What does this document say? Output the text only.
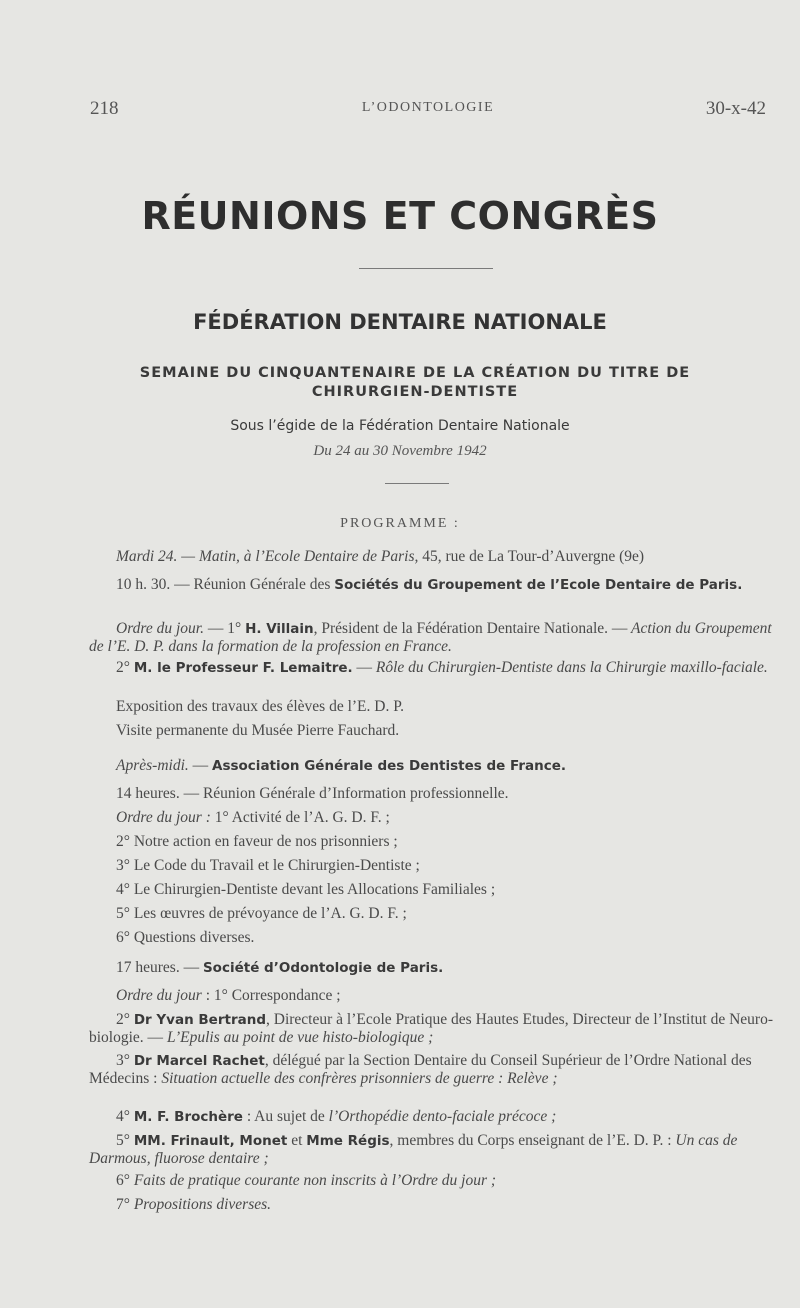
218	L’ODONTOLOGIE	30-x-42
RÉUNIONS ET CONGRÈS
FÉDÉRATION DENTAIRE NATIONALE
SEMAINE DU CINQUANTENAIRE DE LA CRÉATION DU TITRE DE CHIRURGIEN-DENTISTE
Sous l’égide de la Fédération Dentaire Nationale
Du 24 au 30 Novembre 1942
PROGRAMME :

Mardi 24. — Matin, à l’Ecole Dentaire de Paris, 45, rue de La Tour-d’Auvergne (9e)

10 h. 30. — Réunion Générale des Sociétés du Groupement de l’Ecole Dentaire de Paris.

Ordre du jour. — 1° H. Villain, Président de la Fédération Dentaire Nationale. — Action du Groupement de l’E. D. P. dans la formation de la profession en France.

2° M. le Professeur F. Lemaitre. — Rôle du Chirurgien-Dentiste dans la Chirurgie maxillo-faciale.

Exposition des travaux des élèves de l’E. D. P.

Visite permanente du Musée Pierre Fauchard.

Après-midi. — Association Générale des Dentistes de France.

14 heures. — Réunion Générale d’Information professionnelle.

Ordre du jour : 1° Activité de l’A. G. D. F. ;

2° Notre action en faveur de nos prisonniers ;

3° Le Code du Travail et le Chirurgien-Dentiste ;

4° Le Chirurgien-Dentiste devant les Allocations Familiales ;

5° Les œuvres de prévoyance de l’A. G. D. F. ;

6° Questions diverses.

17 heures. — Société d’Odontologie de Paris.

Ordre du jour : 1° Correspondance ;

2° Dr Yvan Bertrand, Directeur à l’Ecole Pratique des Hautes Etudes, Directeur de l’Institut de Neuro-biologie. — L’Epulis au point de vue histo-biologique ;

3° Dr Marcel Rachet, délégué par la Section Dentaire du Conseil Supérieur de l’Ordre National des Médecins : Situation actuelle des confrères prisonniers de guerre : Relève ;

4° M. F. Brochère : Au sujet de l’Orthopédie dento-faciale précoce ;

5° MM. Frinault, Monet et Mme Régis, membres du Corps enseignant de l’E. D. P. : Un cas de Darmous, fluorose dentaire ;

6° Faits de pratique courante non inscrits à l’Ordre du jour ;

7° Propositions diverses.
